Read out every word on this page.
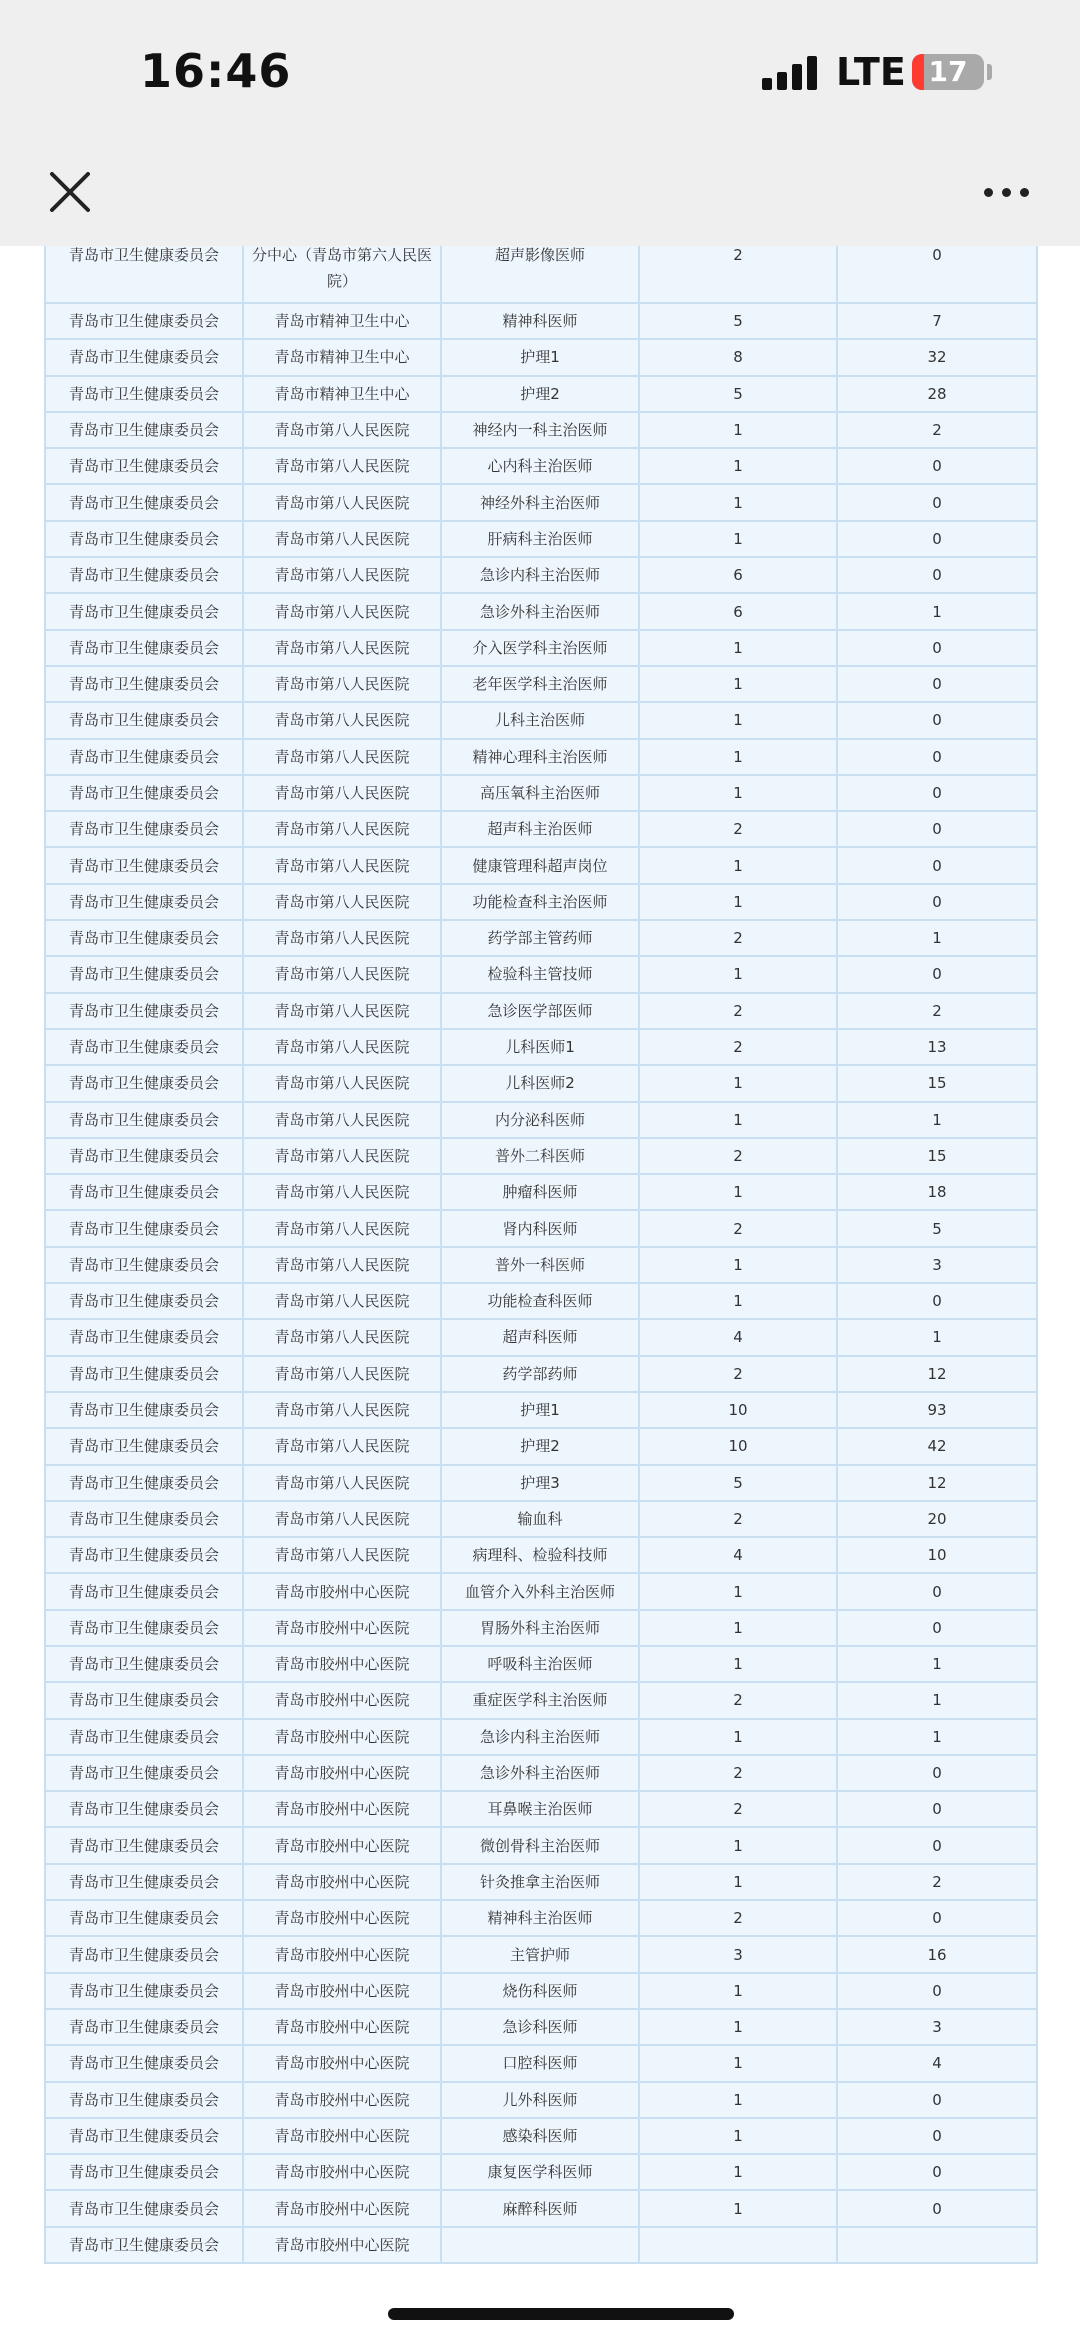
16:46	LTE 17
青岛市卫生健康委员会	分中心（青岛市第六人民医院）	超声影像医师	2	0
青岛市卫生健康委员会	青岛市精神卫生中心	精神科医师	5	7
青岛市卫生健康委员会	青岛市精神卫生中心	护理1	8	32
青岛市卫生健康委员会	青岛市精神卫生中心	护理2	5	28
青岛市卫生健康委员会	青岛市第八人民医院	神经内一科主治医师	1	2
青岛市卫生健康委员会	青岛市第八人民医院	心内科主治医师	1	0
青岛市卫生健康委员会	青岛市第八人民医院	神经外科主治医师	1	0
青岛市卫生健康委员会	青岛市第八人民医院	肝病科主治医师	1	0
青岛市卫生健康委员会	青岛市第八人民医院	急诊内科主治医师	6	0
青岛市卫生健康委员会	青岛市第八人民医院	急诊外科主治医师	6	1
青岛市卫生健康委员会	青岛市第八人民医院	介入医学科主治医师	1	0
青岛市卫生健康委员会	青岛市第八人民医院	老年医学科主治医师	1	0
青岛市卫生健康委员会	青岛市第八人民医院	儿科主治医师	1	0
青岛市卫生健康委员会	青岛市第八人民医院	精神心理科主治医师	1	0
青岛市卫生健康委员会	青岛市第八人民医院	高压氧科主治医师	1	0
青岛市卫生健康委员会	青岛市第八人民医院	超声科主治医师	2	0
青岛市卫生健康委员会	青岛市第八人民医院	健康管理科超声岗位	1	0
青岛市卫生健康委员会	青岛市第八人民医院	功能检查科主治医师	1	0
青岛市卫生健康委员会	青岛市第八人民医院	药学部主管药师	2	1
青岛市卫生健康委员会	青岛市第八人民医院	检验科主管技师	1	0
青岛市卫生健康委员会	青岛市第八人民医院	急诊医学部医师	2	2
青岛市卫生健康委员会	青岛市第八人民医院	儿科医师1	2	13
青岛市卫生健康委员会	青岛市第八人民医院	儿科医师2	1	15
青岛市卫生健康委员会	青岛市第八人民医院	内分泌科医师	1	1
青岛市卫生健康委员会	青岛市第八人民医院	普外二科医师	2	15
青岛市卫生健康委员会	青岛市第八人民医院	肿瘤科医师	1	18
青岛市卫生健康委员会	青岛市第八人民医院	肾内科医师	2	5
青岛市卫生健康委员会	青岛市第八人民医院	普外一科医师	1	3
青岛市卫生健康委员会	青岛市第八人民医院	功能检查科医师	1	0
青岛市卫生健康委员会	青岛市第八人民医院	超声科医师	4	1
青岛市卫生健康委员会	青岛市第八人民医院	药学部药师	2	12
青岛市卫生健康委员会	青岛市第八人民医院	护理1	10	93
青岛市卫生健康委员会	青岛市第八人民医院	护理2	10	42
青岛市卫生健康委员会	青岛市第八人民医院	护理3	5	12
青岛市卫生健康委员会	青岛市第八人民医院	输血科	2	20
青岛市卫生健康委员会	青岛市第八人民医院	病理科、检验科技师	4	10
青岛市卫生健康委员会	青岛市胶州中心医院	血管介入外科主治医师	1	0
青岛市卫生健康委员会	青岛市胶州中心医院	胃肠外科主治医师	1	0
青岛市卫生健康委员会	青岛市胶州中心医院	呼吸科主治医师	1	1
青岛市卫生健康委员会	青岛市胶州中心医院	重症医学科主治医师	2	1
青岛市卫生健康委员会	青岛市胶州中心医院	急诊内科主治医师	1	1
青岛市卫生健康委员会	青岛市胶州中心医院	急诊外科主治医师	2	0
青岛市卫生健康委员会	青岛市胶州中心医院	耳鼻喉主治医师	2	0
青岛市卫生健康委员会	青岛市胶州中心医院	微创骨科主治医师	1	0
青岛市卫生健康委员会	青岛市胶州中心医院	针灸推拿主治医师	1	2
青岛市卫生健康委员会	青岛市胶州中心医院	精神科主治医师	2	0
青岛市卫生健康委员会	青岛市胶州中心医院	主管护师	3	16
青岛市卫生健康委员会	青岛市胶州中心医院	烧伤科医师	1	0
青岛市卫生健康委员会	青岛市胶州中心医院	急诊科医师	1	3
青岛市卫生健康委员会	青岛市胶州中心医院	口腔科医师	1	4
青岛市卫生健康委员会	青岛市胶州中心医院	儿外科医师	1	0
青岛市卫生健康委员会	青岛市胶州中心医院	感染科医师	1	0
青岛市卫生健康委员会	青岛市胶州中心医院	康复医学科医师	1	0
青岛市卫生健康委员会	青岛市胶州中心医院	麻醉科医师	1	0
青岛市卫生健康委员会	青岛市胶州中心医院			
